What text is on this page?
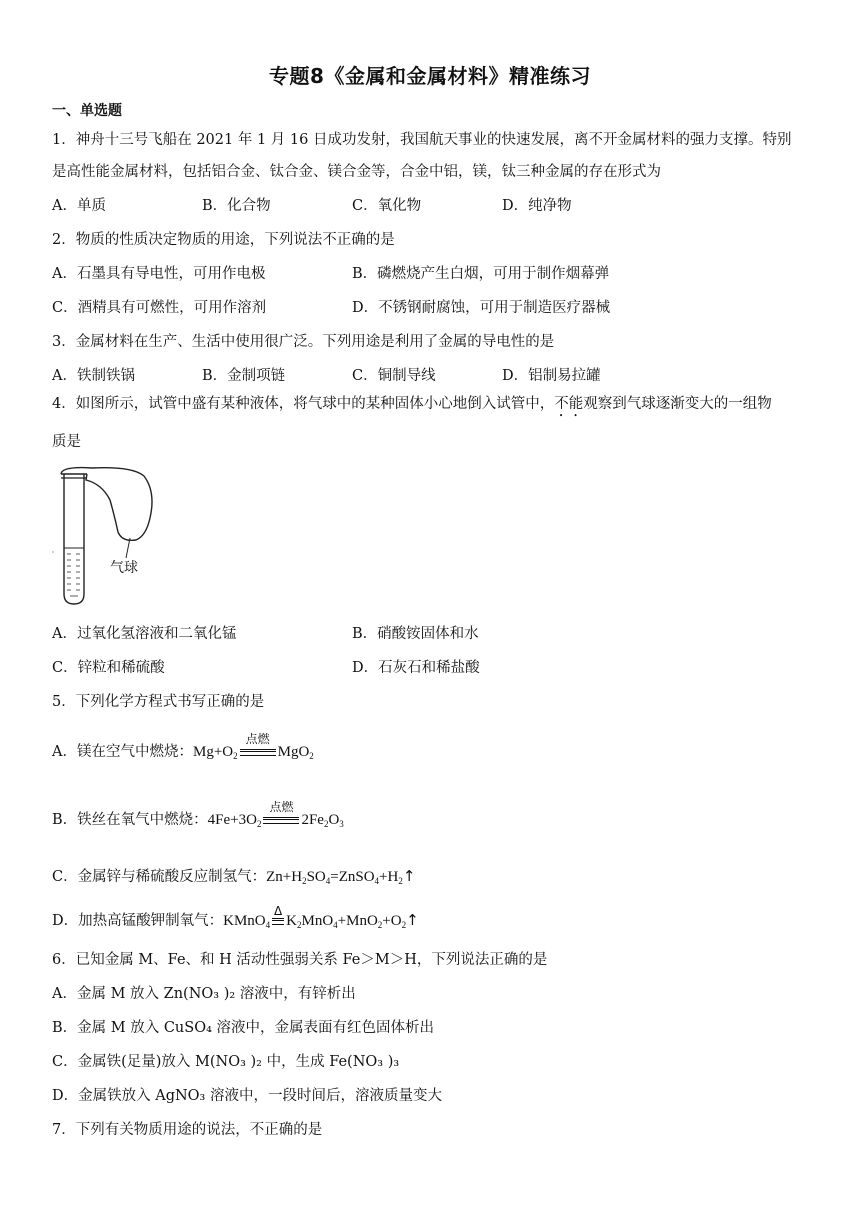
专题8《金属和金属材料》精准练习
一、单选题
1．神舟十三号飞船在 2021 年 1 月 16 日成功发射，我国航天事业的快速发展，离不开金属材料的强力支撑。特别
是高性能金属材料，包括铝合金、钛合金、镁合金等，合金中铝，镁，钛三种金属的存在形式为
A．单质	B．化合物	C．氧化物	D．纯净物
2．物质的性质决定物质的用途，下列说法不正确的是
A．石墨具有导电性，可用作电极	B．磷燃烧产生白烟，可用于制作烟幕弹
C．酒精具有可燃性，可用作溶剂	D．不锈钢耐腐蚀，可用于制造医疗器械
3．金属材料在生产、生活中使用很广泛。下列用途是利用了金属的导电性的是
A．铁制铁锅	B．金制项链	C．铜制导线	D．铝制易拉罐
4．如图所示，试管中盛有某种液体，将气球中的某种固体小心地倒入试管中，不能观察到气球逐渐变大的一组物
质是
气球
A．过氧化氢溶液和二氧化锰	B．硝酸铵固体和水
C．锌粒和稀硫酸	D．石灰石和稀盐酸
5．下列化学方程式书写正确的是
A．镁在空气中燃烧：$Mg+O_2$
点燃
MgO$_2$
B．铁丝在氧气中燃烧：$4Fe+3O_2$
点燃
$2Fe_2O_3$
C．金属锌与稀硫酸反应制氢气：$Zn+H_2SO_4=ZnSO_4+H_2↑$
D．加热高锰酸钾制氧气：KMnO$_4$
Δ
$K_2MnO_4+MnO_2+O_2↑$
6．已知金属 M、Fe、和 H 活动性强弱关系 Fe＞M＞H，下列说法正确的是
A．金属 M 放入 Zn(NO₃ )₂ 溶液中，有锌析出
B．金属 M 放入 CuSO₄ 溶液中，金属表面有红色固体析出
C．金属铁(足量)放入 M(NO₃ )₂ 中，生成 Fe(NO₃ )₃
D．金属铁放入 AgNO₃ 溶液中，一段时间后，溶液质量变大
7．下列有关物质用途的说法，不正确的是
